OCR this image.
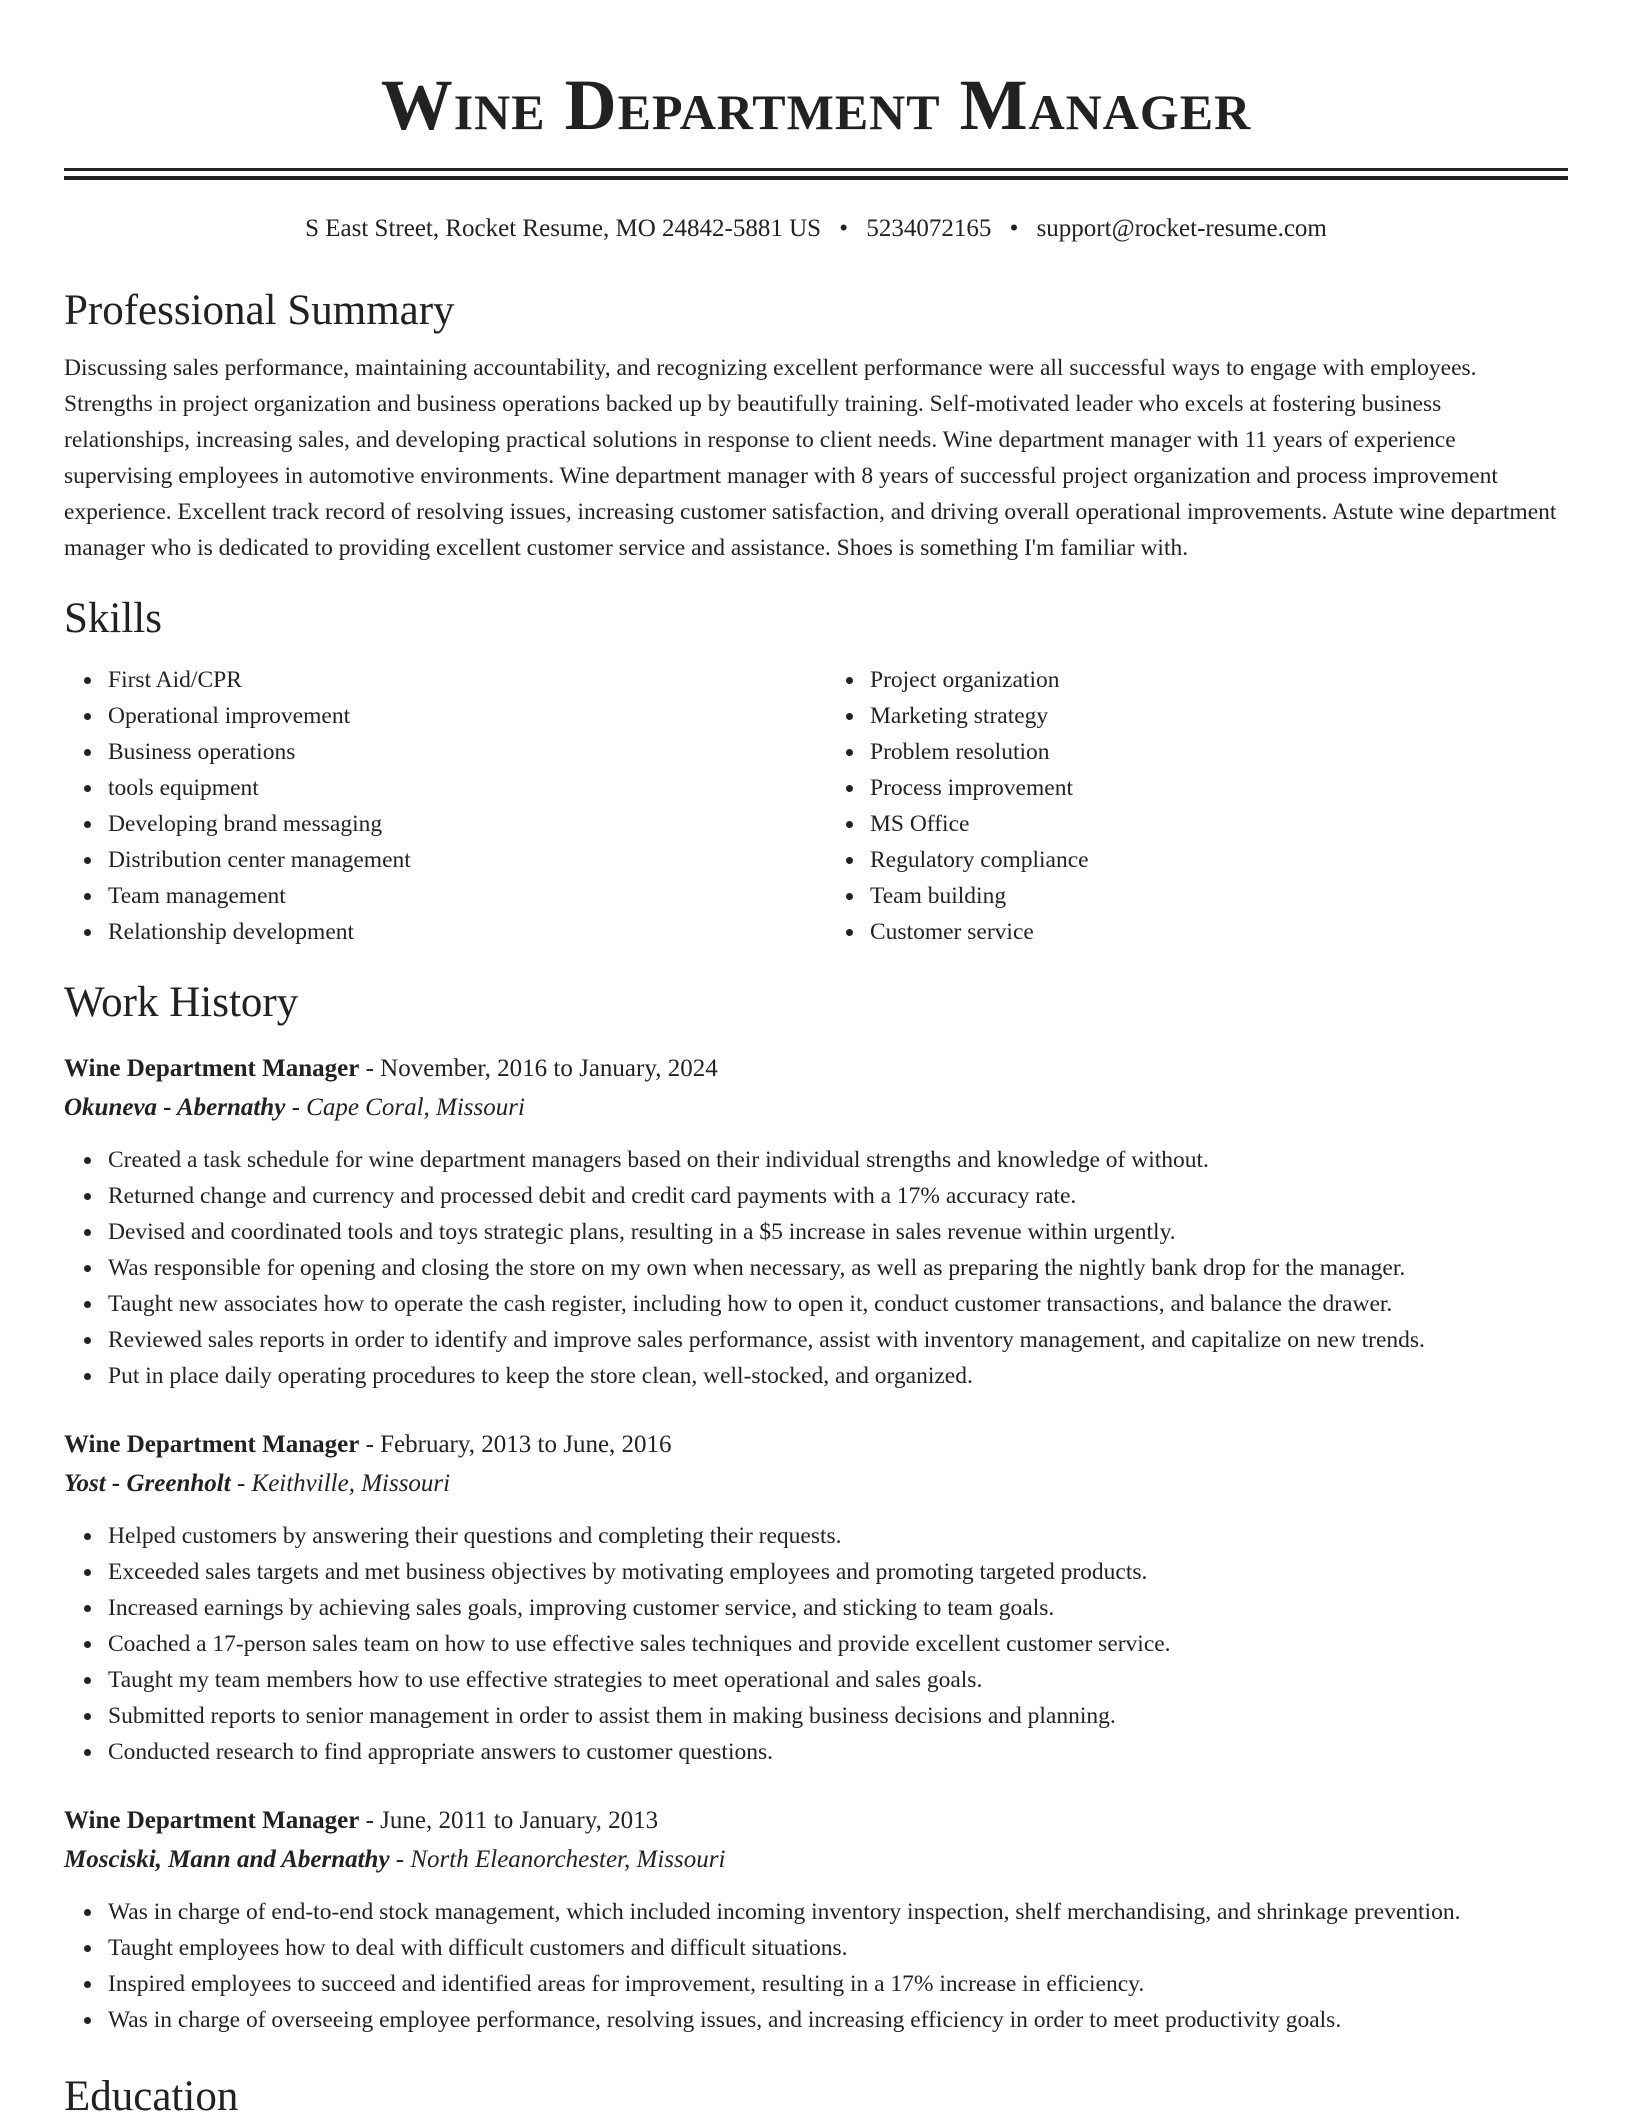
Wine Department Manager
S East Street, Rocket Resume, MO 24842-5881 US • 5234072165 • support@rocket-resume.com
Professional Summary

Discussing sales performance, maintaining accountability, and recognizing excellent performance were all successful ways to engage with employees. Strengths in project organization and business operations backed up by beautifully training. Self-motivated leader who excels at fostering business relationships, increasing sales, and developing practical solutions in response to client needs. Wine department manager with 11 years of experience supervising employees in automotive environments. Wine department manager with 8 years of successful project organization and process improvement experience. Excellent track record of resolving issues, increasing customer satisfaction, and driving overall operational improvements. Astute wine department manager who is dedicated to providing excellent customer service and assistance. Shoes is something I'm familiar with.

Skills
First Aid/CPR
Operational improvement
Business operations
tools equipment
Developing brand messaging
Distribution center management
Team management
Relationship development
Project organization
Marketing strategy
Problem resolution
Process improvement
MS Office
Regulatory compliance
Team building
Customer service
Work History
Wine Department Manager - November, 2016 to January, 2024
Okuneva - Abernathy - Cape Coral, Missouri
Created a task schedule for wine department managers based on their individual strengths and knowledge of without.
Returned change and currency and processed debit and credit card payments with a 17% accuracy rate.
Devised and coordinated tools and toys strategic plans, resulting in a $5 increase in sales revenue within urgently.
Was responsible for opening and closing the store on my own when necessary, as well as preparing the nightly bank drop for the manager.
Taught new associates how to operate the cash register, including how to open it, conduct customer transactions, and balance the drawer.
Reviewed sales reports in order to identify and improve sales performance, assist with inventory management, and capitalize on new trends.
Put in place daily operating procedures to keep the store clean, well-stocked, and organized.
Wine Department Manager - February, 2013 to June, 2016
Yost - Greenholt - Keithville, Missouri
Helped customers by answering their questions and completing their requests.
Exceeded sales targets and met business objectives by motivating employees and promoting targeted products.
Increased earnings by achieving sales goals, improving customer service, and sticking to team goals.
Coached a 17-person sales team on how to use effective sales techniques and provide excellent customer service.
Taught my team members how to use effective strategies to meet operational and sales goals.
Submitted reports to senior management in order to assist them in making business decisions and planning.
Conducted research to find appropriate answers to customer questions.
Wine Department Manager - June, 2011 to January, 2013
Mosciski, Mann and Abernathy - North Eleanorchester, Missouri
Was in charge of end-to-end stock management, which included incoming inventory inspection, shelf merchandising, and shrinkage prevention.
Taught employees how to deal with difficult customers and difficult situations.
Inspired employees to succeed and identified areas for improvement, resulting in a 17% increase in efficiency.
Was in charge of overseeing employee performance, resolving issues, and increasing efficiency in order to meet productivity goals.
Education
